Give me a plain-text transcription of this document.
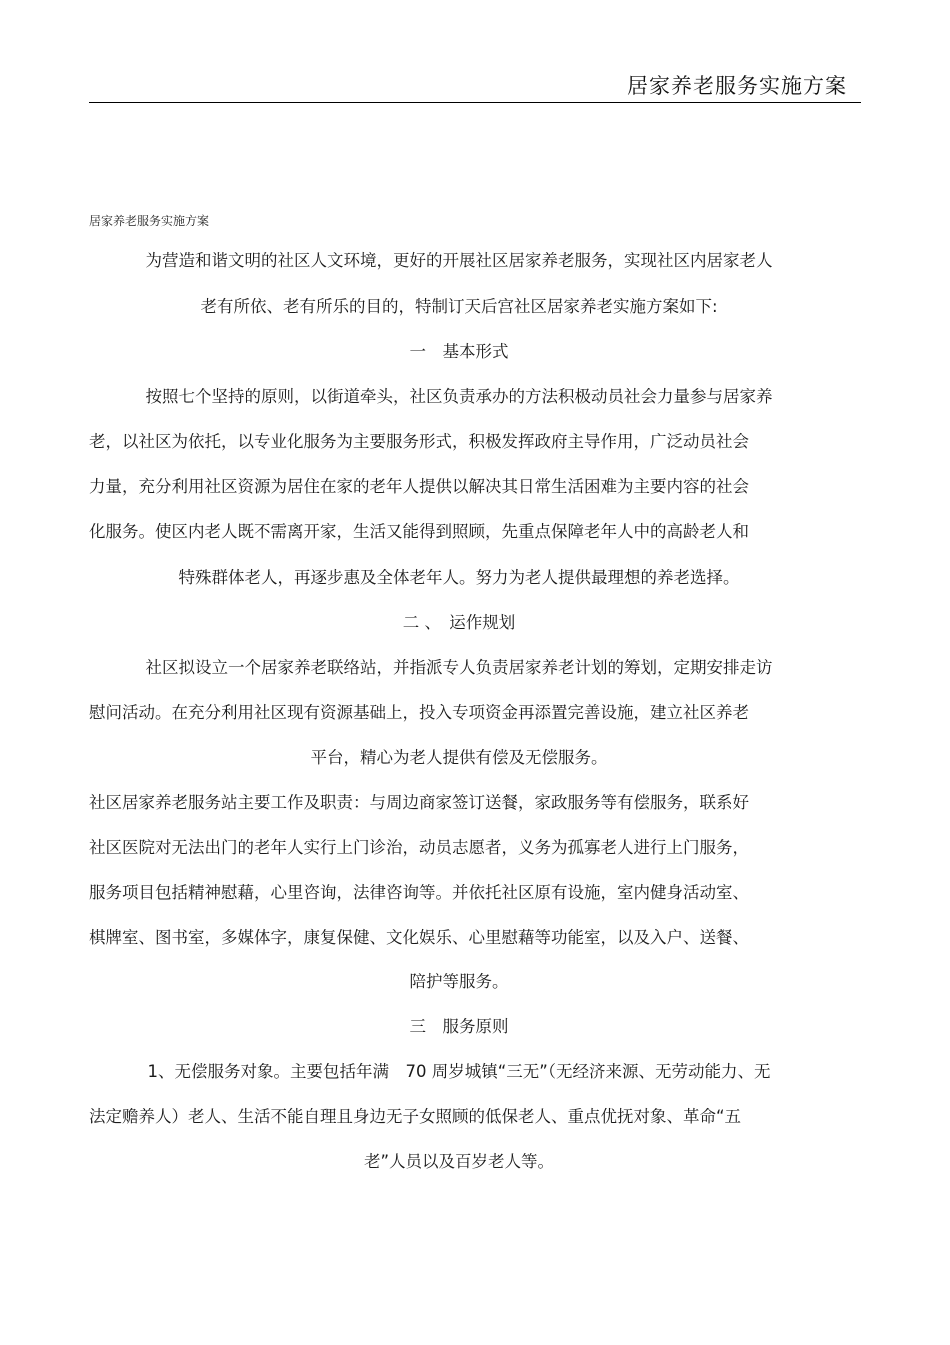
居家养老服务实施方案
居家养老服务实施方案
为营造和谐文明的社区人文环境，更好的开展社区居家养老服务，实现社区内居家老人
老有所依、老有所乐的目的，特制订天后宫社区居家养老实施方案如下:
一　基本形式
按照七个坚持的原则，以街道牵头，社区负责承办的方法积极动员社会力量参与居家养
老，以社区为依托，以专业化服务为主要服务形式，积极发挥政府主导作用，广泛动员社会
力量，充分利用社区资源为居住在家的老年人提供以解决其日常生活困难为主要内容的社会
化服务。使区内老人既不需离开家，生活又能得到照顾，先重点保障老年人中的高龄老人和
特殊群体老人，再逐步惠及全体老年人。努力为老人提供最理想的养老选择。
二 、　运作规划
社区拟设立一个居家养老联络站，并指派专人负责居家养老计划的筹划，定期安排走访
慰问活动。在充分利用社区现有资源基础上，投入专项资金再添置完善设施，建立社区养老
平台，精心为老人提供有偿及无偿服务。
社区居家养老服务站主要工作及职责：与周边商家签订送餐，家政服务等有偿服务，联系好
社区医院对无法出门的老年人实行上门诊治，动员志愿者，义务为孤寡老人进行上门服务，
服务项目包括精神慰藉，心里咨询，法律咨询等。并依托社区原有设施，室内健身活动室、
棋牌室、图书室，多媒体字，康复保健、文化娱乐、心里慰藉等功能室，以及入户、送餐、
陪护等服务。
三　服务原则
1、无偿服务对象。主要包括年满　70 周岁城镇“三无”（无经济来源、无劳动能力、无
法定赡养人）老人、生活不能自理且身边无子女照顾的低保老人、重点优抚对象、革命“五
老”人员以及百岁老人等。
